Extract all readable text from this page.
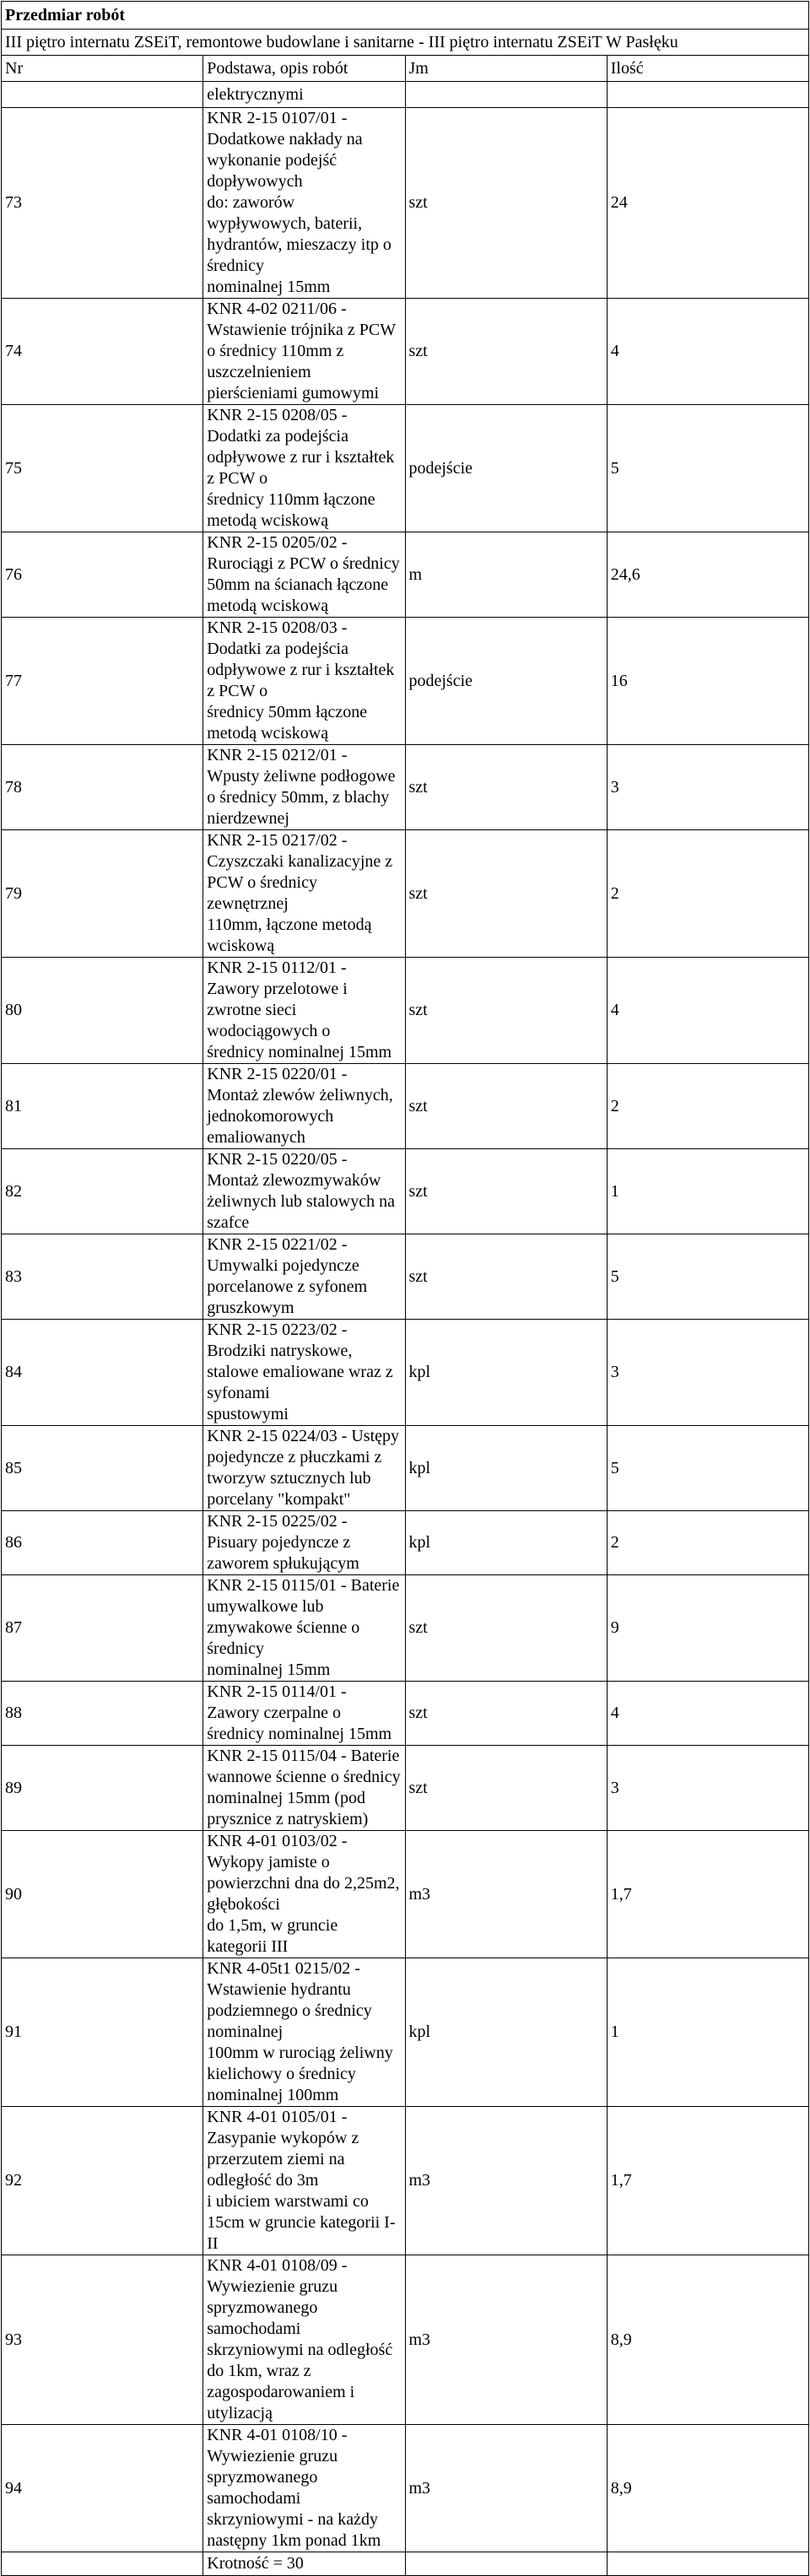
Przedmiar robót			
III piętro internatu ZSEiT, remontowe budowlane i sanitarne - III piętro internatu ZSEiT W Pasłęku			
Nr	Podstawa, opis robót	Jm	Ilość
	elektrycznymi		
73	KNR 2-15 0107/01 - Dodatkowe nakłady na wykonanie podejść dopływowych
do: zaworów wypływowych, baterii, hydrantów, mieszaczy itp o średnicy
nominalnej 15mm	szt	24
74	KNR 4-02 0211/06 - Wstawienie trójnika z PCW o średnicy 110mm z
uszczelnieniem pierścieniami gumowymi	szt	4
75	KNR 2-15 0208/05 - Dodatki za podejścia odpływowe z rur i kształtek z PCW o
średnicy 110mm łączone metodą wciskową	podejście	5
76	KNR 2-15 0205/02 - Rurociągi z PCW o średnicy 50mm na ścianach łączone
metodą wciskową	m	24,6
77	KNR 2-15 0208/03 - Dodatki za podejścia odpływowe z rur i kształtek z PCW o
średnicy 50mm łączone metodą wciskową	podejście	16
78	KNR 2-15 0212/01 - Wpusty żeliwne podłogowe o średnicy 50mm, z blachy
nierdzewnej	szt	3
79	KNR 2-15 0217/02 - Czyszczaki kanalizacyjne z PCW o średnicy zewnętrznej
110mm, łączone metodą wciskową	szt	2
80	KNR 2-15 0112/01 - Zawory przelotowe i zwrotne sieci wodociągowych o
średnicy nominalnej 15mm	szt	4
81	KNR 2-15 0220/01 - Montaż zlewów żeliwnych, jednokomorowych
emaliowanych	szt	2
82	KNR 2-15 0220/05 - Montaż zlewozmywaków żeliwnych lub stalowych na szafce	szt	1
83	KNR 2-15 0221/02 - Umywalki pojedyncze porcelanowe z syfonem gruszkowym	szt	5
84	KNR 2-15 0223/02 - Brodziki natryskowe, stalowe emaliowane wraz z syfonami
spustowymi	kpl	3
85	KNR 2-15 0224/03 - Ustępy pojedyncze z płuczkami z tworzyw sztucznych lub
porcelany "kompakt"	kpl	5
86	KNR 2-15 0225/02 - Pisuary pojedyncze z zaworem spłukującym	kpl	2
87	KNR 2-15 0115/01 - Baterie umywalkowe lub zmywakowe ścienne o średnicy
nominalnej 15mm	szt	9
88	KNR 2-15 0114/01 - Zawory czerpalne o średnicy nominalnej 15mm	szt	4
89	KNR 2-15 0115/04 - Baterie wannowe ścienne o średnicy nominalnej 15mm (pod
prysznice z natryskiem)	szt	3
90	KNR 4-01 0103/02 - Wykopy jamiste o powierzchni dna do 2,25m2, głębokości
do 1,5m, w gruncie kategorii III	m3	1,7
91	KNR 4-05t1 0215/02 - Wstawienie hydrantu podziemnego o średnicy nominalnej
100mm w rurociąg żeliwny kielichowy o średnicy nominalnej 100mm	kpl	1
92	KNR 4-01 0105/01 - Zasypanie wykopów z przerzutem ziemi na odległość do 3m
i ubiciem warstwami co 15cm w gruncie kategorii I-II	m3	1,7
93	KNR 4-01 0108/09 - Wywiezienie gruzu spryzmowanego samochodami
skrzyniowymi na odległość do 1km, wraz z zagospodarowaniem i utylizacją	m3	8,9
94	KNR 4-01 0108/10 - Wywiezienie gruzu spryzmowanego samochodami
skrzyniowymi - na każdy następny 1km ponad 1km	m3	8,9
	Krotność = 30		
